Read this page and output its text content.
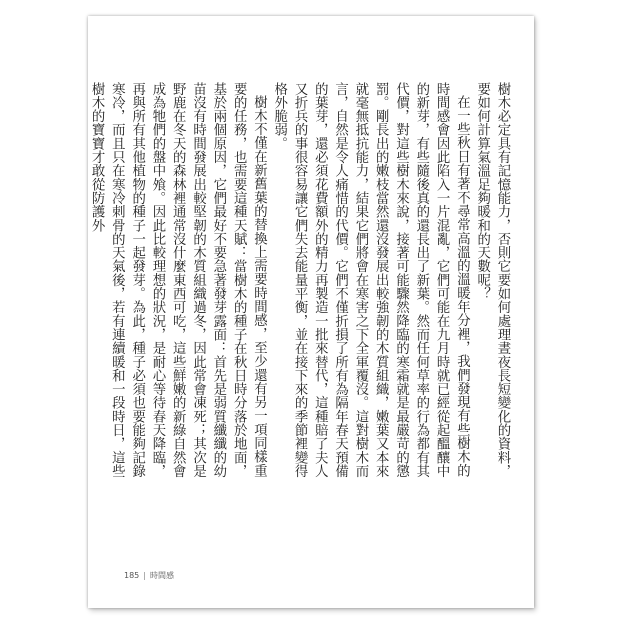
樹木必定具有記憶能力，否則它要如何處理晝夜長短變化的資料，要如何計算氣溫足夠暖和的天數呢？

在一些秋日有著不尋常高溫的溫暖年分裡，我們發現有些樹木的時間感會因此陷入一片混亂，它們可能在九月時就已經從起醞釀中的新芽，有些隨後真的還長出了新葉。然而任何草率的行為都有其代價，對這些樹木來說，接著可能驟然降臨的寒霜就是最嚴苛的懲罰。剛長出的嫩枝當然還沒發展出較強韌的木質組織，嫩葉又本來就毫無抵抗能力，結果它們將會在寒害之下全軍覆沒。這對樹木而言，自然是令人痛惜的代價。它們不僅折損了所有為隔年春天預備的葉芽，還必須花費額外的精力再製造一批來替代，這種賠了夫人又折兵的事很容易讓它們失去能量平衡，並在接下來的季節裡變得格外脆弱。

樹木不僅在新舊葉的替換上需要時間感，至少還有另一項同樣重要的任務，也需要這種天賦：當樹木的種子在秋日時分落於地面，基於兩個原因，它們最好不要急著發芽露面：首先是弱質纖纖的幼苗沒有時間發展出較堅韌的木質組織過冬，因此常會凍死；其次是野鹿在冬天的森林裡通常沒什麼東西可吃，這些鮮嫩的新綠自然會成為牠們的盤中飧。因此比較理想的狀況，是耐心等待春天降臨，再與所有其他植物的種子一起發芽。為此，種子必須也要能夠記錄寒冷，而且只在寒冷刺骨的天氣後，若有連續暖和一段時日，這些樹木的寶寶才敢從防護外

185 | 時間感
